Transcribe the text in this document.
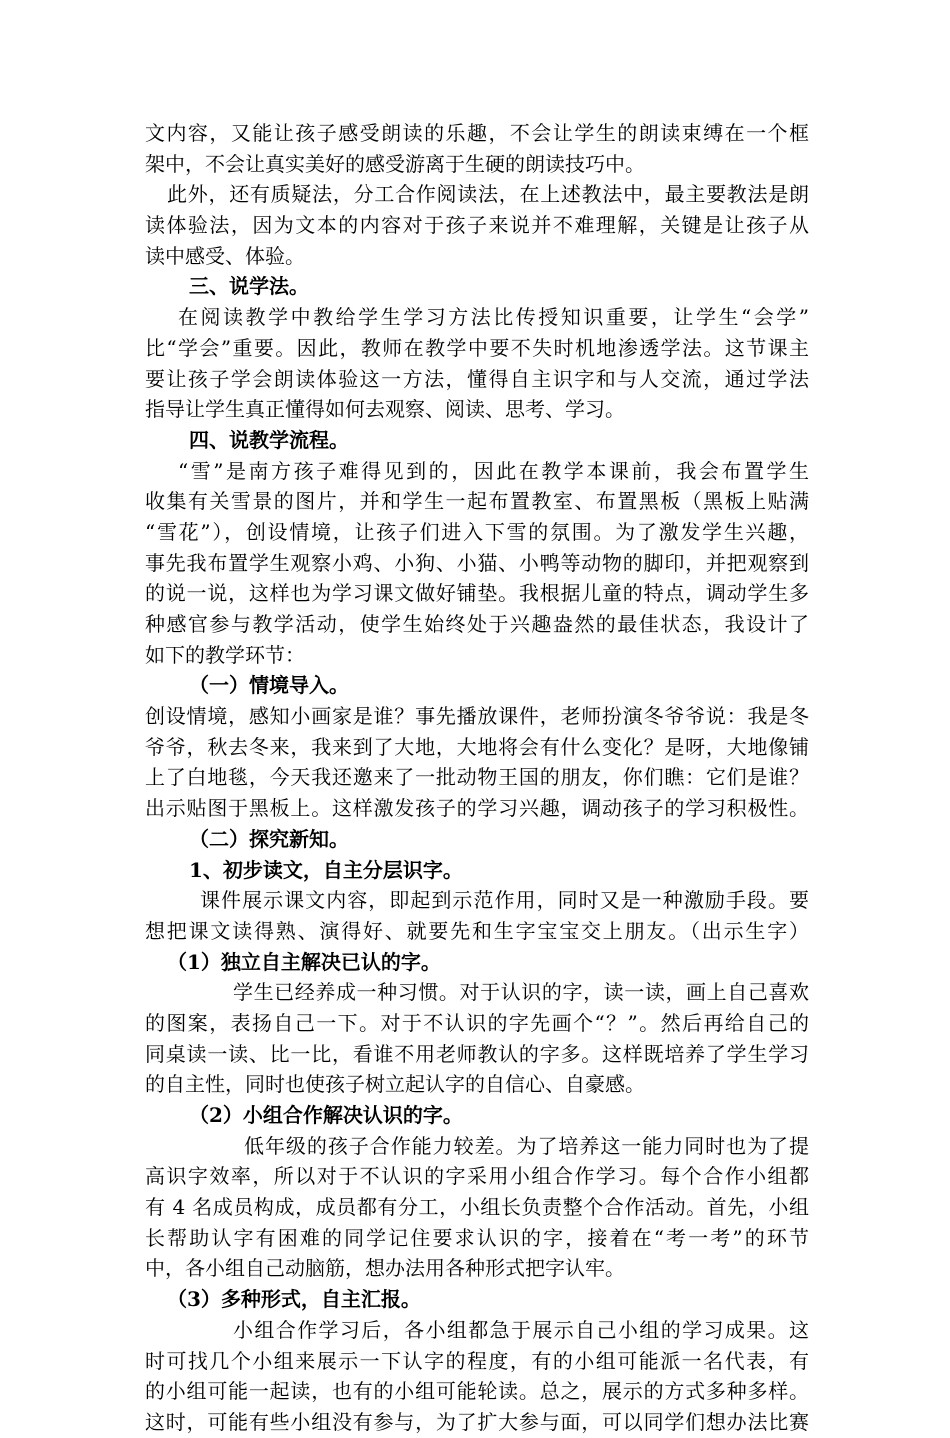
文内容，又能让孩子感受朗读的乐趣，不会让学生的朗读束缚在一个框
架中，不会让真实美好的感受游离于生硬的朗读技巧中。
此外，还有质疑法，分工合作阅读法，在上述教法中，最主要教法是朗
读体验法，因为文本的内容对于孩子来说并不难理解，关键是让孩子从
读中感受、体验。
三、说学法。
在阅读教学中教给学生学习方法比传授知识重要，让学生“会学”
比“学会”重要。因此，教师在教学中要不失时机地渗透学法。这节课主
要让孩子学会朗读体验这一方法，懂得自主识字和与人交流，通过学法
指导让学生真正懂得如何去观察、阅读、思考、学习。
四、说教学流程。
“雪”是南方孩子难得见到的，因此在教学本课前，我会布置学生
收集有关雪景的图片，并和学生一起布置教室、布置黑板（黑板上贴满
“雪花”），创设情境，让孩子们进入下雪的氛围。为了激发学生兴趣，
事先我布置学生观察小鸡、小狗、小猫、小鸭等动物的脚印，并把观察到
的说一说，这样也为学习课文做好铺垫。我根据儿童的特点，调动学生多
种感官参与教学活动，使学生始终处于兴趣盎然的最佳状态，我设计了
如下的教学环节：
（一）情境导入。
创设情境，感知小画家是谁？事先播放课件，老师扮演冬爷爷说：我是冬
爷爷，秋去冬来，我来到了大地，大地将会有什么变化？是呀，大地像铺
上了白地毯，今天我还邀来了一批动物王国的朋友，你们瞧：它们是谁？
出示贴图于黑板上。这样激发孩子的学习兴趣，调动孩子的学习积极性。
（二）探究新知。
1、初步读文，自主分层识字。
课件展示课文内容，即起到示范作用，同时又是一种激励手段。要
想把课文读得熟、演得好、就要先和生字宝宝交上朋友。（出示生字）
（1）独立自主解决已认的字。
学生已经养成一种习惯。对于认识的字，读一读，画上自己喜欢
的图案，表扬自己一下。对于不认识的字先画个“？”。然后再给自己的
同桌读一读、比一比，看谁不用老师教认的字多。这样既培养了学生学习
的自主性，同时也使孩子树立起认字的自信心、自豪感。
（2）小组合作解决认识的字。
低年级的孩子合作能力较差。为了培养这一能力同时也为了提
高识字效率，所以对于不认识的字采用小组合作学习。每个合作小组都
有 4 名成员构成，成员都有分工，小组长负责整个合作活动。首先，小组
长帮助认字有困难的同学记住要求认识的字，接着在“考一考”的环节
中，各小组自己动脑筋，想办法用各种形式把字认牢。
（3）多种形式，自主汇报。
小组合作学习后，各小组都急于展示自己小组的学习成果。这
时可找几个小组来展示一下认字的程度，有的小组可能派一名代表，有
的小组可能一起读，也有的小组可能轮读。总之，展示的方式多种多样。
这时，可能有些小组没有参与，为了扩大参与面，可以同学们想办法比赛
